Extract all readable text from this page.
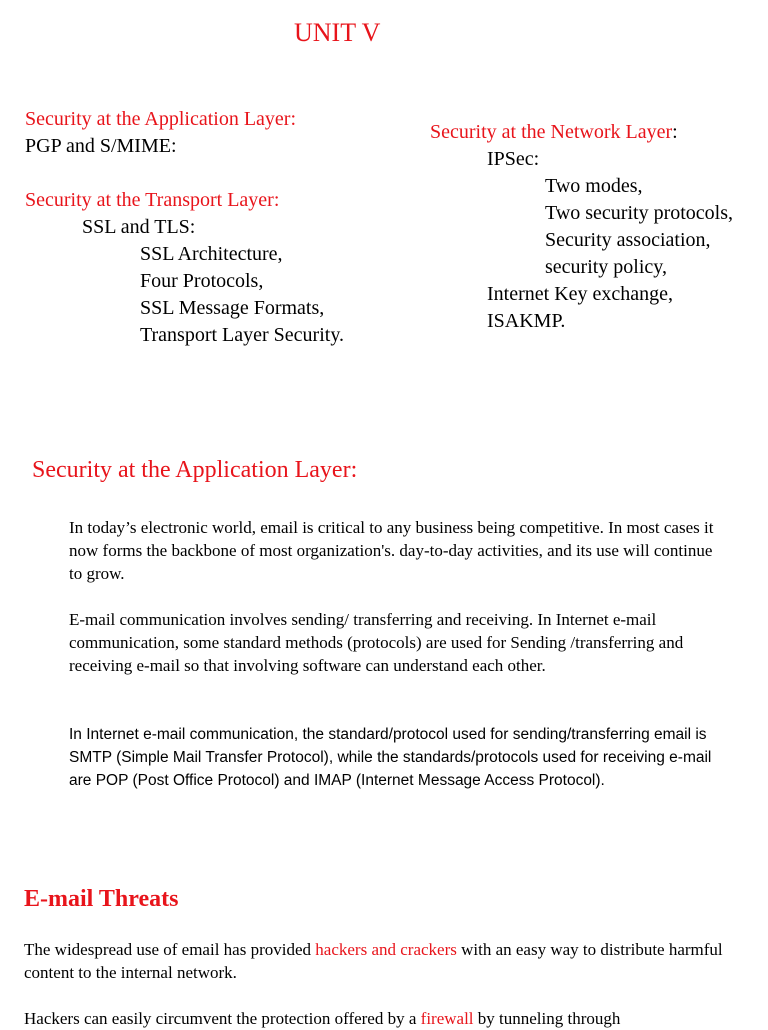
UNIT V
Security at the Application Layer:
PGP and S/MIME:
Security at the Transport Layer:
SSL and TLS:
SSL Architecture,
Four Protocols,
SSL Message Formats,
Transport Layer Security.
Security at the Network Layer:
IPSec:
Two modes,
Two security protocols,
Security association,
security policy,
Internet Key exchange,
ISAKMP.
Security at the Application Layer:
In today’s electronic world, email is critical to any business being competitive. In most cases it now forms the backbone of most organization's. day-to-day activities, and its use will continue to grow.
E-mail communication involves sending/ transferring and receiving. In Internet e-mail communication, some standard methods (protocols) are used for Sending /transferring and receiving e-mail so that involving software can understand each other.
In Internet e-mail communication, the standard/protocol used for sending/transferring email is SMTP (Simple Mail Transfer Protocol), while the standards/protocols used for receiving e-mail are POP (Post Office Protocol) and IMAP (Internet Message Access Protocol).
E-mail Threats
The widespread use of email has provided hackers and crackers with an easy way to distribute harmful content to the internal network.
Hackers can easily circumvent the protection offered by a firewall by tunneling through
